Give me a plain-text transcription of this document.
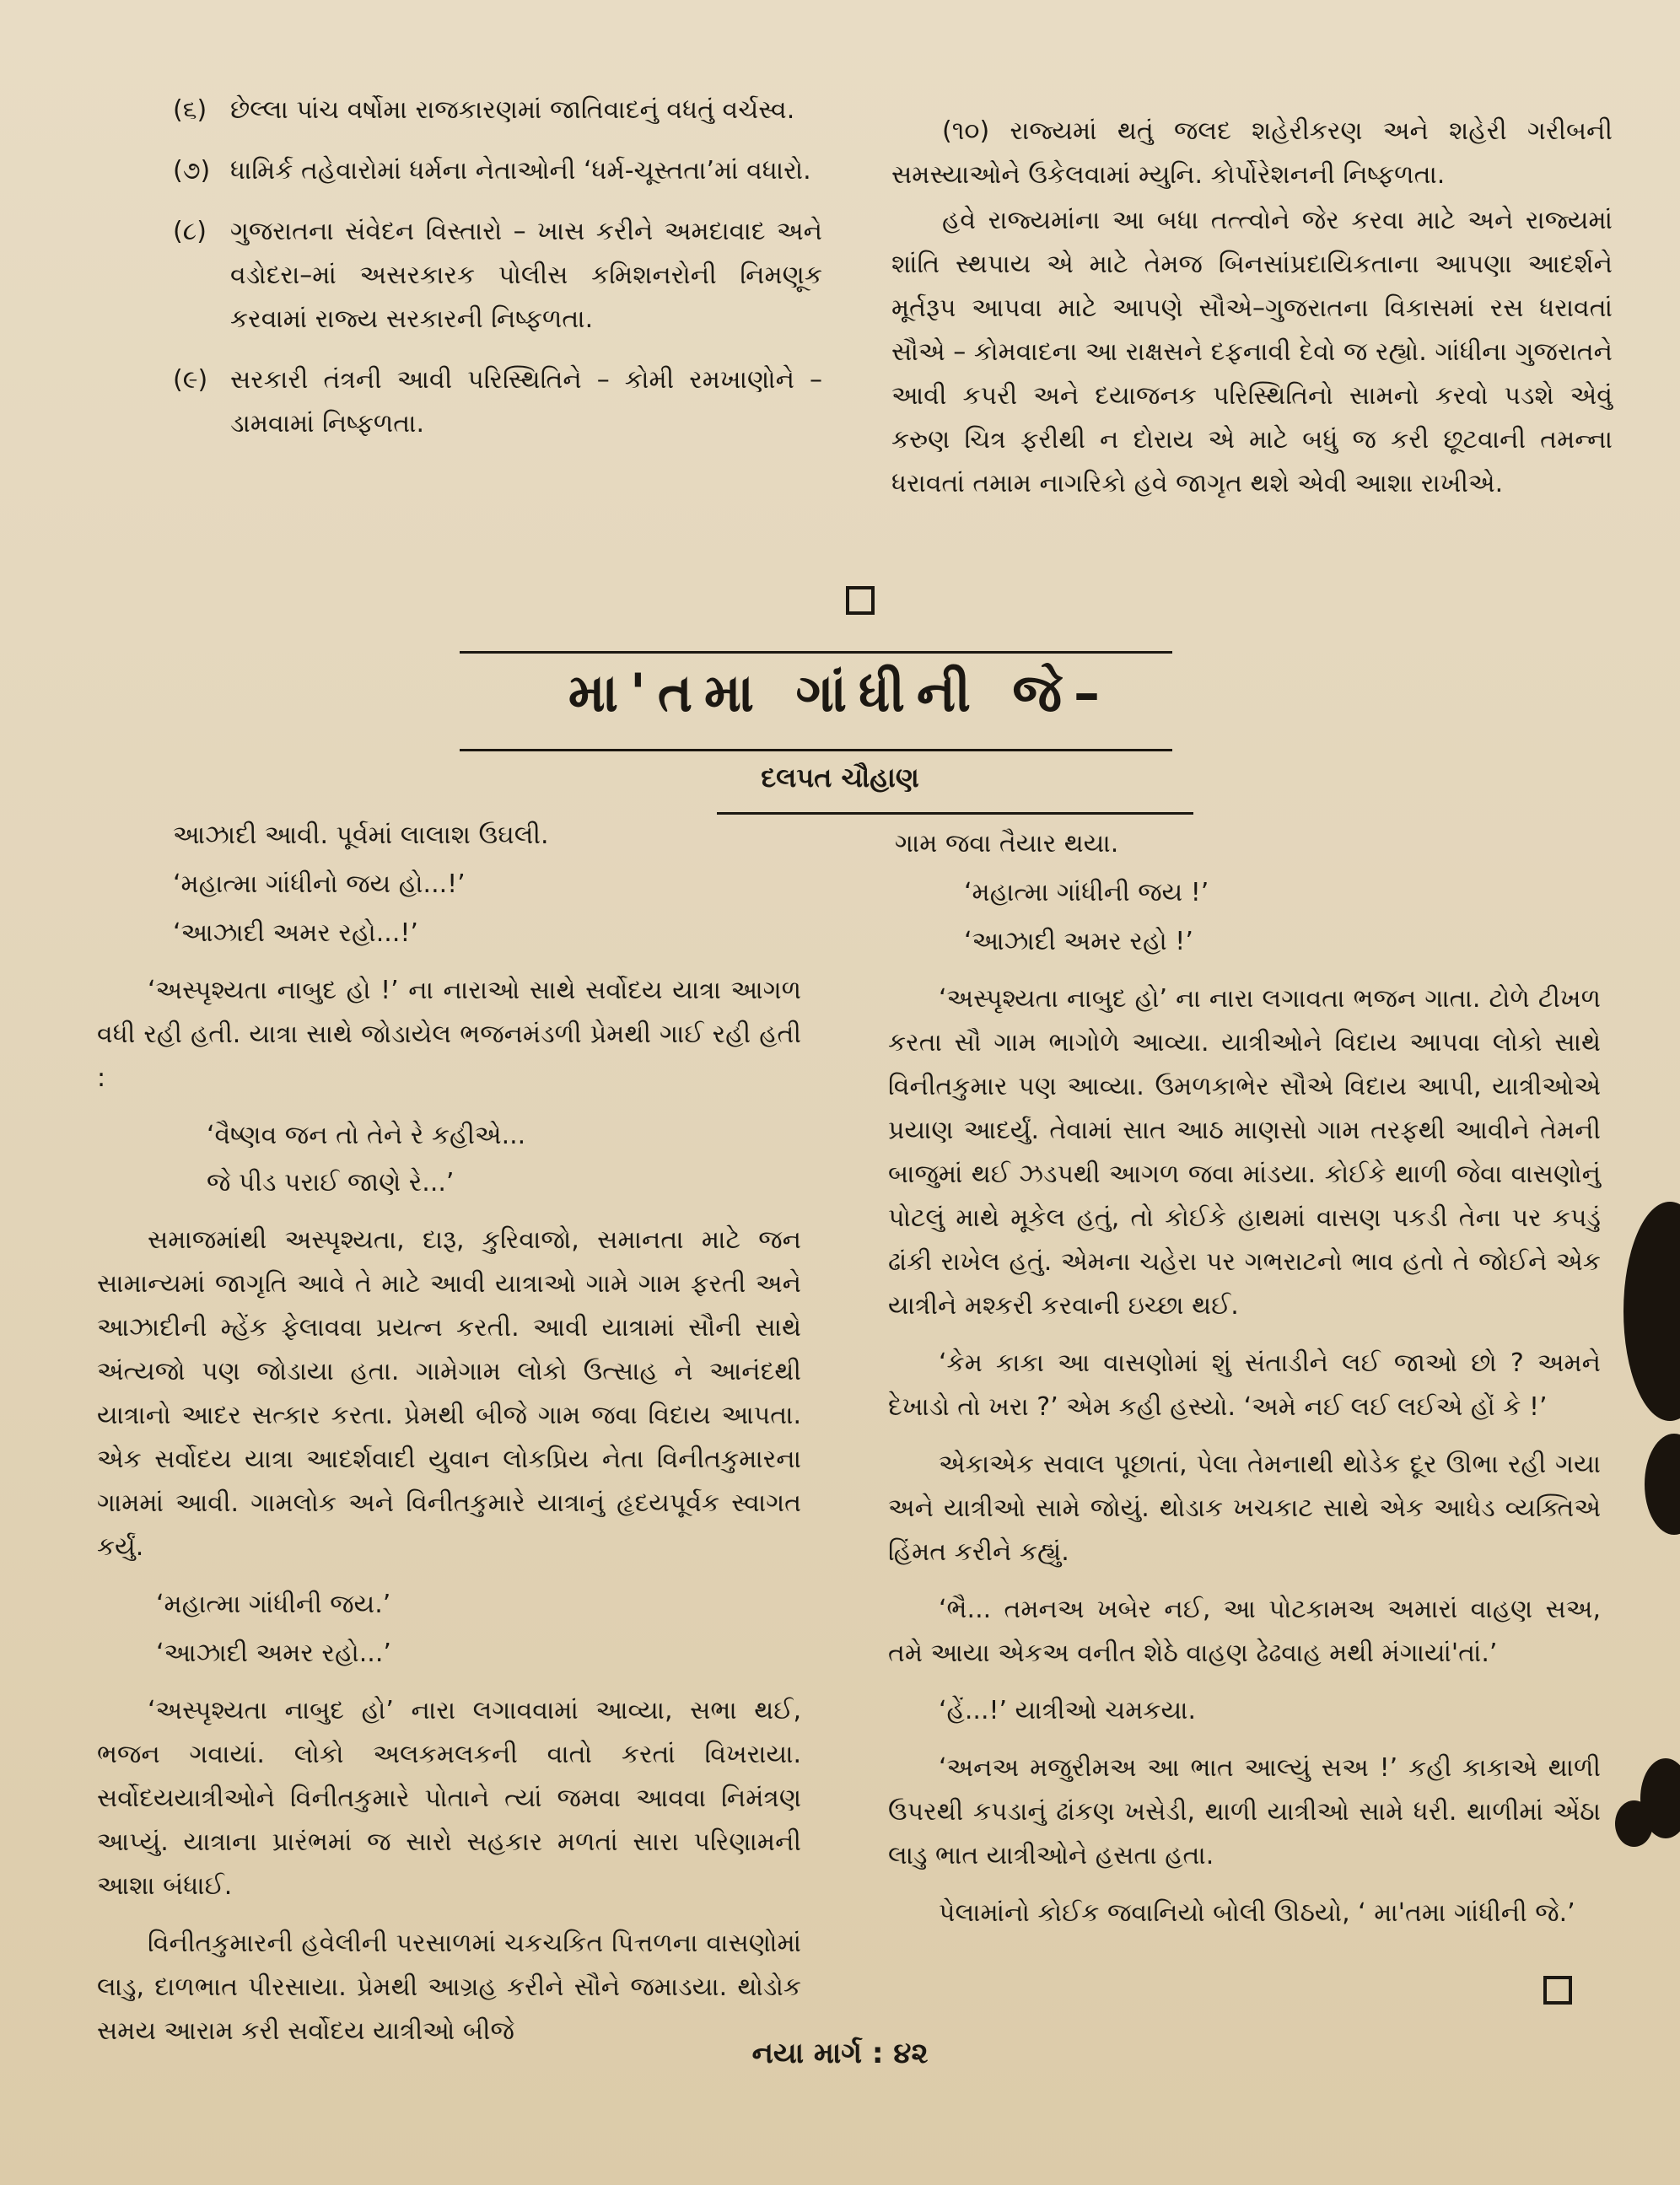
(૬) છેલ્લા પાંચ વર્ષોમા રાજકારણમાં જાતિવાદનું વધતું વર્ચસ્વ.
(૭) ધામિર્ક તહેવારોમાં ધર્મના નેતાઓની ‘ધર્મ-ચૂસ્તતા’માં વધારો.
(૮) ગુજરાતના સંવેદન વિસ્તારો – ખાસ કરીને અમદાવાદ અને વડોદરા–માં અસરકારક પોલીસ કમિશનરોની નિમણૂક કરવામાં રાજ્ય સરકારની નિષ્ફળતા.
(૯) સરકારી તંત્રની આવી પરિસ્થિતિને – કોમી રમખાણોને – ડામવામાં નિષ્ફળતા.

(૧૦) રાજ્યમાં થતું જલદ શહેરીકરણ અને શહેરી ગરીબની સમસ્યાઓને ઉકેલવામાં મ્યુનિ. કોર્પોરેશનની નિષ્ફળતા.

હવે રાજ્યમાંના આ બધા તત્ત્વોને જેર કરવા માટે અને રાજ્યમાં શાંતિ સ્થપાય એ માટે તેમજ બિનસાંપ્રદાયિકતાના આપણા આદર્શને મૂર્તરૂપ આપવા માટે આપણે સૌએ–ગુજરાતના વિકાસમાં રસ ધરાવતાં સૌએ – કોમવાદના આ રાક્ષસને દફનાવી દેવો જ રહ્યો. ગાંધીના ગુજરાતને આવી કપરી અને દયાજનક પરિસ્થિતિનો સામનો કરવો પડશે એવું કરુણ ચિત્ર ફરીથી ન દોરાય એ માટે બધું જ કરી છૂટવાની તમન્ના ધરાવતાં તમામ નાગરિકો હવે જાગૃત થશે એવી આશા રાખીએ.

મા'તમા ગાંધીની જે–
દલપત ચૌહાણ

આઝાદી આવી. પૂર્વમાં લાલાશ ઉઘલી.

‘મહાત્મા ગાંધીનો જય હો...!’

‘આઝાદી અમર રહો...!’

‘અસ્પૃશ્યતા નાબુદ હો !’ ના નારાઓ સાથે સર્વોદય યાત્રા આગળ વધી રહી હતી. યાત્રા સાથે જોડાયેલ ભજનમંડળી પ્રેમથી ગાઈ રહી હતી :

‘વૈષ્ણવ જન તો તેને રે કહીએ...

જે પીડ પરાઈ જાણે રે...’

સમાજમાંથી અસ્પૃશ્યતા, દારૂ, કુરિવાજો, સમાનતા માટે જન સામાન્યમાં જાગૃતિ આવે તે માટે આવી યાત્રાઓ ગામે ગામ ફરતી અને આઝાદીની મ્હેંક ફેલાવવા પ્રયત્ન કરતી. આવી યાત્રામાં સૌની સાથે અંત્યજો પણ જોડાયા હતા. ગામેગામ લોકો ઉત્સાહ ને આનંદથી યાત્રાનો આદર સત્કાર કરતા. પ્રેમથી બીજે ગામ જવા વિદાય આપતા. એક સર્વોદય યાત્રા આદર્શવાદી યુવાન લોકપ્રિય નેતા વિનીતકુમારના ગામમાં આવી. ગામલોક અને વિનીતકુમારે યાત્રાનું હૃદયપૂર્વક સ્વાગત કર્યું.

‘મહાત્મા ગાંધીની જય.’

‘આઝાદી અમર રહો...’

‘અસ્પૃશ્યતા નાબુદ હો’ નારા લગાવવામાં આવ્યા, સભા થઈ, ભજન ગવાયાં. લોકો અલકમલકની વાતો કરતાં વિખરાયા. સર્વોદયયાત્રીઓને વિનીતકુમારે પોતાને ત્યાં જમવા આવવા નિમંત્રણ આપ્યું. યાત્રાના પ્રારંભમાં જ સારો સહકાર મળતાં સારા પરિણામની આશા બંધાઈ.

વિનીતકુમારની હવેલીની પરસાળમાં ચકચકિત પિત્તળના વાસણોમાં લાડુ, દાળભાત પીરસાયા. પ્રેમથી આગ્રહ કરીને સૌને જમાડયા. થોડોક સમય આરામ કરી સર્વોદય યાત્રીઓ બીજે

ગામ જવા તૈયાર થયા.

‘મહાત્મા ગાંધીની જય !’

‘આઝાદી અમર રહો !’

‘અસ્પૃશ્યતા નાબુદ હો’ ના નારા લગાવતા ભજન ગાતા. ટોળે ટીખળ કરતા સૌ ગામ ભાગોળે આવ્યા. યાત્રીઓને વિદાય આપવા લોકો સાથે વિનીતકુમાર પણ આવ્યા. ઉમળકાભેર સૌએ વિદાય આપી, યાત્રીઓએ પ્રયાણ આદર્યું. તેવામાં સાત આઠ માણસો ગામ તરફથી આવીને તેમની બાજુમાં થઈ ઝડપથી આગળ જવા માંડયા. કોઈકે થાળી જેવા વાસણોનું પોટલું માથે મૂકેલ હતું, તો કોઈકે હાથમાં વાસણ પકડી તેના પર કપડું ઢાંકી રાખેલ હતું. એમના ચહેરા પર ગભરાટનો ભાવ હતો તે જોઈને એક યાત્રીને મશ્કરી કરવાની ઇચ્છા થઈ.

‘કેમ કાકા આ વાસણોમાં શું સંતાડીને લઈ જાઓ છો ? અમને દેખાડો તો ખરા ?’ એમ કહી હસ્યો. ‘અમે નઈ લઈ લઈએ હોં કે !’

એકાએક સવાલ પૂછાતાં, પેલા તેમનાથી થોડેક દૂર ઊભા રહી ગયા અને યાત્રીઓ સામે જોયું. થોડાક ખચકાટ સાથે એક આધેડ વ્યક્તિએ હિંમત કરીને કહ્યું.

‘ભૈ... તમનઅ ખબેર નઈ, આ પોટકામઅ અમારાં વાહણ સઅ, તમે આયા એકઅ વનીત શેઠે વાહણ ઢેઢવાહ મથી મંગાયાં'તાં.’

‘હેં...!’ યાત્રીઓ ચમકયા.

‘અનઅ મજુરીમઅ આ ભાત આલ્યું સઅ !’ કહી કાકાએ થાળી ઉપરથી કપડાનું ઢાંકણ ખસેડી, થાળી યાત્રીઓ સામે ધરી. થાળીમાં એંઠા લાડુ ભાત યાત્રીઓને હસતા હતા.

પેલામાંનો કોઈક જવાનિયો બોલી ઊઠયો, ‘ મા'તમા ગાંધીની જે.’

નયા માર્ગ : ૪૨
